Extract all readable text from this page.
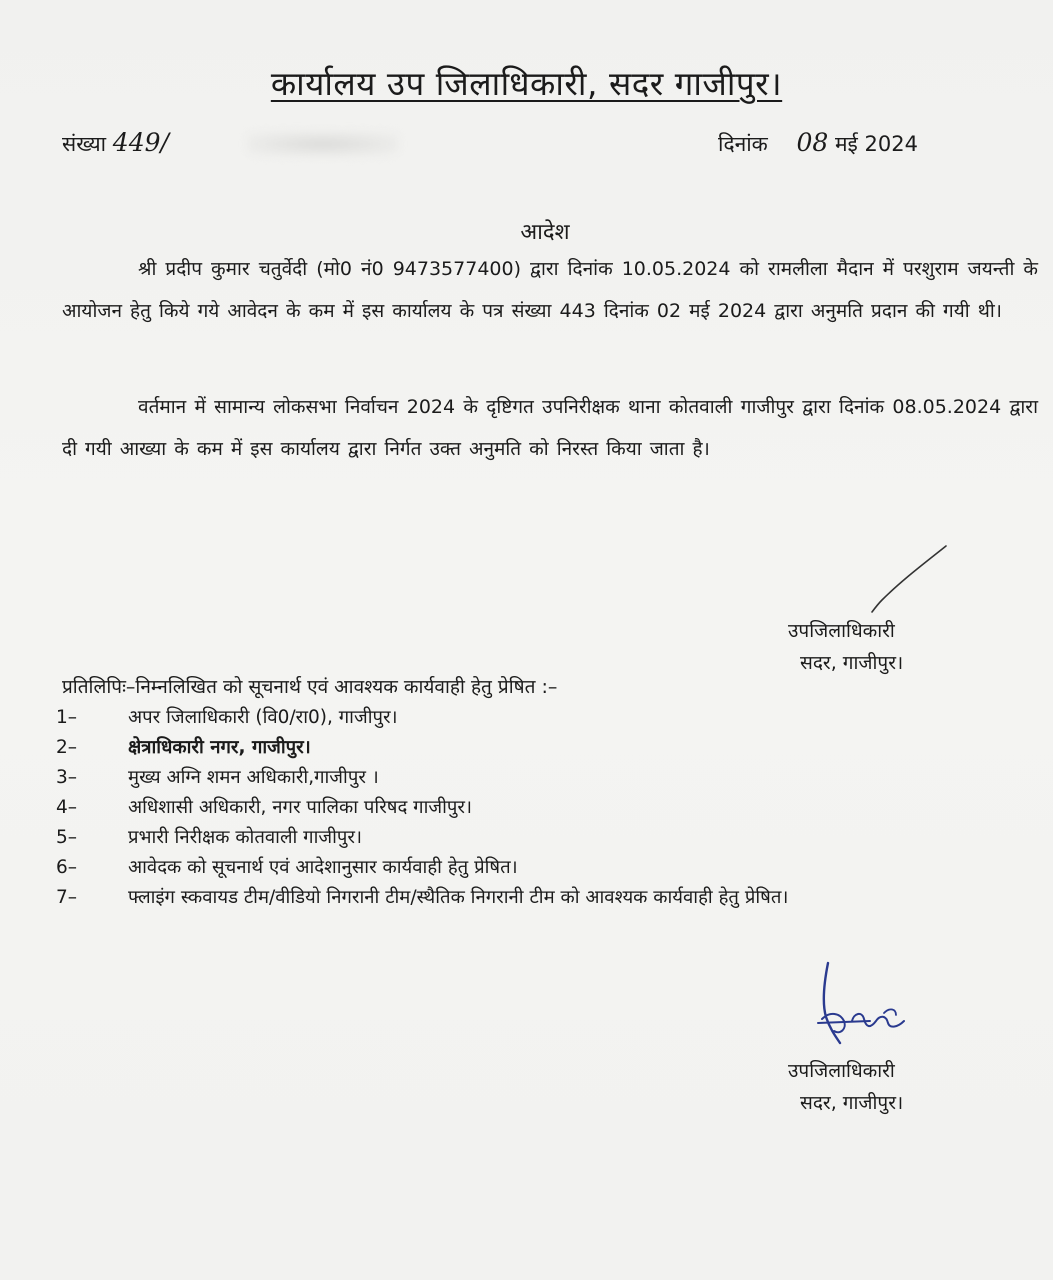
कार्यालय उप जिलाधिकारी, सदर गाजीपुर।
संख्या 449/	दिनांक 08 मई 2024
आदेश
श्री प्रदीप कुमार चतुर्वेदी (मो0 नं0 9473577400) द्वारा दिनांक 10.05.2024 को रामलीला मैदान में परशुराम जयन्ती के आयोजन हेतु किये गये आवेदन के कम में इस कार्यालय के पत्र संख्या 443 दिनांक 02 मई 2024 द्वारा अनुमति प्रदान की गयी थी।
वर्तमान में सामान्य लोकसभा निर्वाचन 2024 के दृष्टिगत उपनिरीक्षक थाना कोतवाली गाजीपुर द्वारा दिनांक 08.05.2024 द्वारा दी गयी आख्या के कम में इस कार्यालय द्वारा निर्गत उक्त अनुमति को निरस्त किया जाता है।
उपजिलाधिकारी
सदर, गाजीपुर।
प्रतिलिपिः–निम्नलिखित को सूचनार्थ एवं आवश्यक कार्यवाही हेतु प्रेषित :–
1–	अपर जिलाधिकारी (वि0/रा0), गाजीपुर।
2–	क्षेत्राधिकारी नगर, गाजीपुर।
3–	मुख्य अग्नि शमन अधिकारी,गाजीपुर ।
4–	अधिशासी अधिकारी, नगर पालिका परिषद गाजीपुर।
5–	प्रभारी निरीक्षक कोतवाली गाजीपुर।
6–	आवेदक को सूचनार्थ एवं आदेशानुसार कार्यवाही हेतु प्रेषित।
7–	फ्लाइंग स्कवायड टीम/वीडियो निगरानी टीम/स्थैतिक निगरानी टीम को आवश्यक कार्यवाही हेतु प्रेषित।
उपजिलाधिकारी
सदर, गाजीपुर।
